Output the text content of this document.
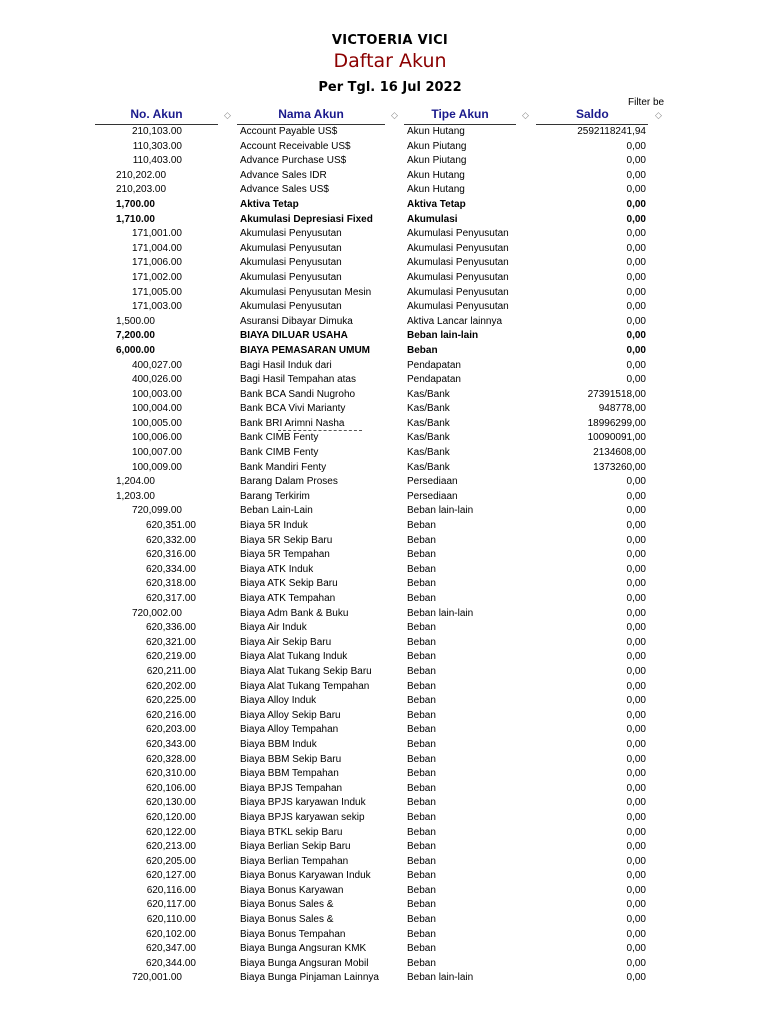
VICTOERIA VICI
Daftar Akun
Per Tgl. 16 Jul 2022
Filter be
No. Akun	◇	Nama Akun	◇	Tipe Akun	◇	Saldo	◇
210,103.00	Account Payable US$	Akun Hutang	2592118241,94
110,303.00	Account Receivable US$	Akun Piutang	0,00
110,403.00	Advance Purchase US$	Akun Piutang	0,00
210,202.00	Advance Sales IDR	Akun Hutang	0,00
210,203.00	Advance Sales US$	Akun Hutang	0,00
1,700.00	Aktiva Tetap	Aktiva Tetap	0,00
1,710.00	Akumulasi Depresiasi Fixed	Akumulasi	0,00
171,001.00	Akumulasi Penyusutan	Akumulasi Penyusutan	0,00
171,004.00	Akumulasi Penyusutan	Akumulasi Penyusutan	0,00
171,006.00	Akumulasi Penyusutan	Akumulasi Penyusutan	0,00
171,002.00	Akumulasi Penyusutan	Akumulasi Penyusutan	0,00
171,005.00	Akumulasi Penyusutan Mesin	Akumulasi Penyusutan	0,00
171,003.00	Akumulasi Penyusutan	Akumulasi Penyusutan	0,00
1,500.00	Asuransi Dibayar Dimuka	Aktiva Lancar lainnya	0,00
7,200.00	BIAYA DILUAR USAHA	Beban lain-lain	0,00
6,000.00	BIAYA PEMASARAN UMUM	Beban	0,00
400,027.00	Bagi Hasil Induk dari	Pendapatan	0,00
400,026.00	Bagi Hasil Tempahan atas	Pendapatan	0,00
100,003.00	Bank BCA Sandi Nugroho	Kas/Bank	27391518,00
100,004.00	Bank BCA Vivi Marianty	Kas/Bank	948778,00
100,005.00	Bank BRI Arimni Nasha	Kas/Bank	18996299,00
100,006.00	Bank CIMB Fenty	Kas/Bank	10090091,00
100,007.00	Bank CIMB Fenty	Kas/Bank	2134608,00
100,009.00	Bank Mandiri Fenty	Kas/Bank	1373260,00
1,204.00	Barang Dalam Proses	Persediaan	0,00
1,203.00	Barang Terkirim	Persediaan	0,00
720,099.00	Beban Lain-Lain	Beban lain-lain	0,00
620,351.00	Biaya 5R Induk	Beban	0,00
620,332.00	Biaya 5R Sekip Baru	Beban	0,00
620,316.00	Biaya 5R Tempahan	Beban	0,00
620,334.00	Biaya ATK Induk	Beban	0,00
620,318.00	Biaya ATK Sekip Baru	Beban	0,00
620,317.00	Biaya ATK Tempahan	Beban	0,00
720,002.00	Biaya Adm Bank & Buku	Beban lain-lain	0,00
620,336.00	Biaya Air Induk	Beban	0,00
620,321.00	Biaya Air Sekip Baru	Beban	0,00
620,219.00	Biaya Alat Tukang Induk	Beban	0,00
620,211.00	Biaya Alat Tukang Sekip Baru	Beban	0,00
620,202.00	Biaya Alat Tukang Tempahan	Beban	0,00
620,225.00	Biaya Alloy Induk	Beban	0,00
620,216.00	Biaya Alloy Sekip Baru	Beban	0,00
620,203.00	Biaya Alloy Tempahan	Beban	0,00
620,343.00	Biaya BBM Induk	Beban	0,00
620,328.00	Biaya BBM Sekip Baru	Beban	0,00
620,310.00	Biaya BBM Tempahan	Beban	0,00
620,106.00	Biaya BPJS Tempahan	Beban	0,00
620,130.00	Biaya BPJS karyawan Induk	Beban	0,00
620,120.00	Biaya BPJS karyawan sekip	Beban	0,00
620,122.00	Biaya BTKL sekip Baru	Beban	0,00
620,213.00	Biaya Berlian Sekip Baru	Beban	0,00
620,205.00	Biaya Berlian Tempahan	Beban	0,00
620,127.00	Biaya Bonus Karyawan Induk	Beban	0,00
620,116.00	Biaya Bonus Karyawan	Beban	0,00
620,117.00	Biaya Bonus Sales &	Beban	0,00
620,110.00	Biaya Bonus Sales &	Beban	0,00
620,102.00	Biaya Bonus Tempahan	Beban	0,00
620,347.00	Biaya Bunga Angsuran KMK	Beban	0,00
620,344.00	Biaya Bunga Angsuran Mobil	Beban	0,00
720,001.00	Biaya Bunga Pinjaman Lainnya	Beban lain-lain	0,00
